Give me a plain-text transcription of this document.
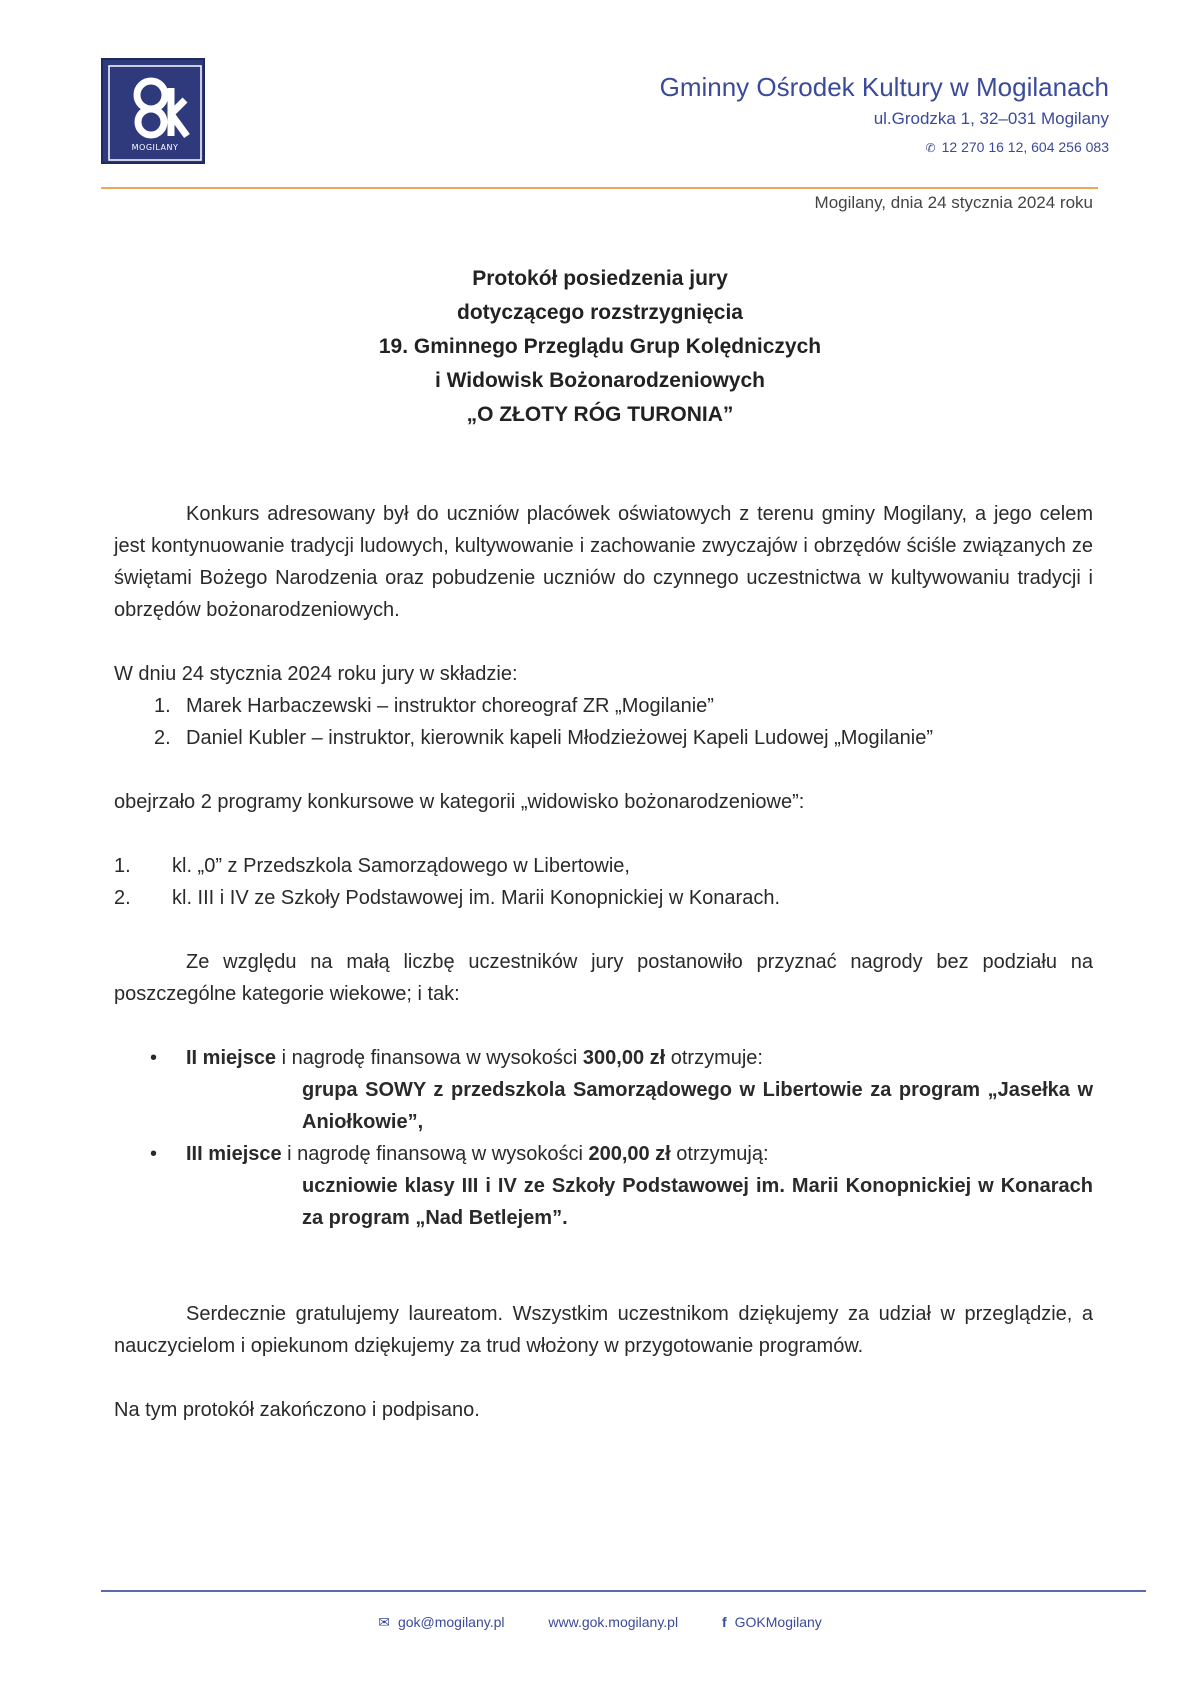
MOGILANY
Gminny Ośrodek Kultury w Mogilanach
ul.Grodzka 1, 32–031 Mogilany
✆ 12 270 16 12, 604 256 083
Mogilany, dnia 24 stycznia 2024 roku
Protokół posiedzenia jury
dotyczącego rozstrzygnięcia
19. Gminnego Przeglądu Grup Kolędniczych
i Widowisk Bożonarodzeniowych
„O ZŁOTY RÓG TURONIA”

Konkurs adresowany był do uczniów placówek oświatowych z terenu gminy Mogilany, a jego celem jest kontynuowanie tradycji ludowych, kultywowanie i zachowanie zwyczajów i obrzędów ściśle związanych ze świętami Bożego Narodzenia oraz pobudzenie uczniów do czynnego uczestnictwa w kultywowaniu tradycji i obrzędów bożonarodzeniowych.

W dniu 24 stycznia 2024 roku jury w składzie:

1. Marek Harbaczewski – instruktor choreograf ZR „Mogilanie”
2. Daniel Kubler – instruktor, kierownik kapeli Młodzieżowej Kapeli Ludowej „Mogilanie”

obejrzało 2 programy konkursowe w kategorii „widowisko bożonarodzeniowe”:

1. kl. „0” z Przedszkola Samorządowego w Libertowie,
2. kl. III i IV ze Szkoły Podstawowej im. Marii Konopnickiej w Konarach.

Ze względu na małą liczbę uczestników jury postanowiło przyznać nagrody bez podziału na poszczególne kategorie wiekowe; i tak:

• II miejsce i nagrodę finansowa w wysokości 300,00 zł otrzymuje:
grupa SOWY z przedszkola Samorządowego w Libertowie za program „Jasełka w Aniołkowie”,
• III miejsce i nagrodę finansową w wysokości 200,00 zł otrzymują:
uczniowie klasy III i IV ze Szkoły Podstawowej im. Marii Konopnickiej w Konarach za program „Nad Betlejem”.

Serdecznie gratulujemy laureatom. Wszystkim uczestnikom dziękujemy za udział w przeglądzie, a nauczycielom i opiekunom dziękujemy za trud włożony w przygotowanie programów.

Na tym protokół zakończono i podpisano.

✉ gok@mogilany.pl	www.gok.mogilany.pl	f GOKMogilany
